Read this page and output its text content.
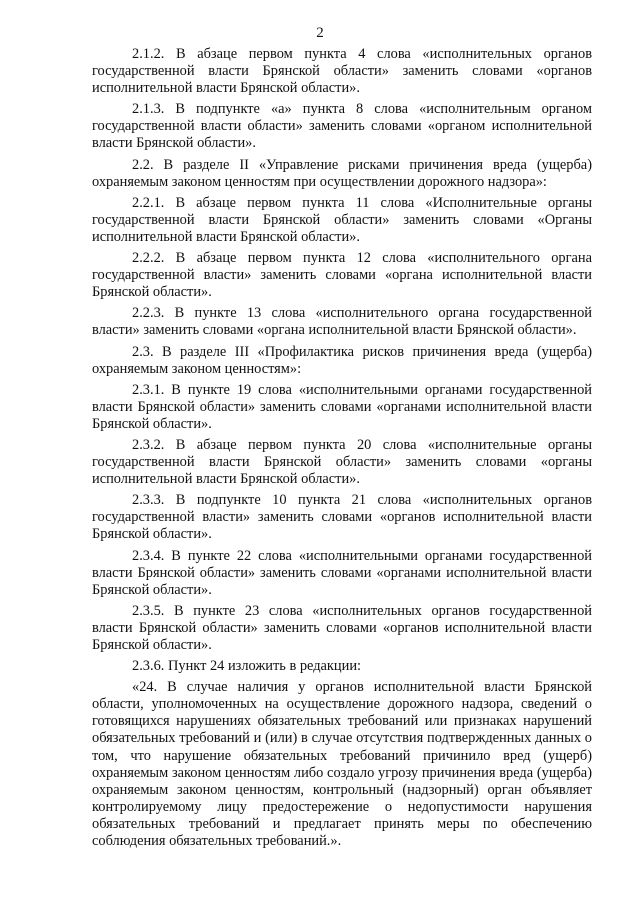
2

2.1.2. В абзаце первом пункта 4 слова «исполнительных органов государственной власти Брянской области» заменить словами «органов исполнительной власти Брянской области».

2.1.3. В подпункте «а» пункта 8 слова «исполнительным органом государственной власти области» заменить словами «органом исполнительной власти Брянской области».

2.2. В разделе II «Управление рисками причинения вреда (ущерба) охраняемым законом ценностям при осуществлении дорожного надзора»:

2.2.1. В абзаце первом пункта 11 слова «Исполнительные органы государственной власти Брянской области» заменить словами «Органы исполнительной власти Брянской области».

2.2.2. В абзаце первом пункта 12 слова «исполнительного органа государственной власти» заменить словами «органа исполнительной власти Брянской области».

2.2.3. В пункте 13 слова «исполнительного органа государственной власти» заменить словами «органа исполнительной власти Брянской области».

2.3. В разделе III «Профилактика рисков причинения вреда (ущерба) охраняемым законом ценностям»:

2.3.1. В пункте 19 слова «исполнительными органами государственной власти Брянской области» заменить словами «органами исполнительной власти Брянской области».

2.3.2. В абзаце первом пункта 20 слова «исполнительные органы государственной власти Брянской области» заменить словами «органы исполнительной власти Брянской области».

2.3.3. В подпункте 10 пункта 21 слова «исполнительных органов государственной власти» заменить словами «органов исполнительной власти Брянской области».

2.3.4. В пункте 22 слова «исполнительными органами государственной власти Брянской области» заменить словами «органами исполнительной власти Брянской области».

2.3.5. В пункте 23 слова «исполнительных органов государственной власти Брянской области» заменить словами «органов исполнительной власти Брянской области».

2.3.6. Пункт 24 изложить в редакции:

«24. В случае наличия у органов исполнительной власти Брянской области, уполномоченных на осуществление дорожного надзора, сведений о готовящихся нарушениях обязательных требований или признаках нарушений обязательных требований и (или) в случае отсутствия подтвержденных данных о том, что нарушение обязательных требований причинило вред (ущерб) охраняемым законом ценностям либо создало угрозу причинения вреда (ущерба) охраняемым законом ценностям, контрольный (надзорный) орган объявляет контролируемому лицу предостережение о недопустимости нарушения обязательных требований и предлагает принять меры по обеспечению соблюдения обязательных требований.».
